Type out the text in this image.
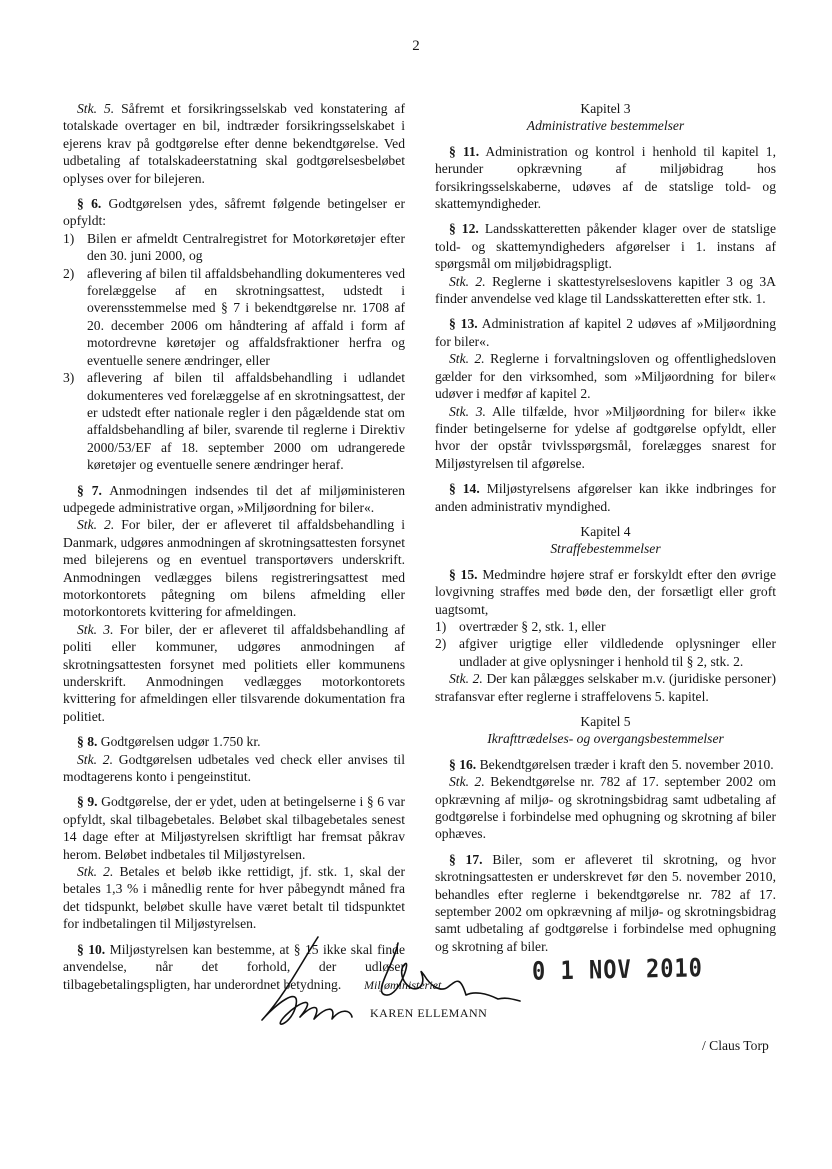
2

Stk. 5. Såfremt et forsikringsselskab ved konstatering af totalskade overtager en bil, indtræder forsikringsselskabet i ejerens krav på godtgørelse efter denne bekendtgørelse. Ved udbetaling af totalskadeerstatning skal godtgørelsesbeløbet oplyses over for bilejeren.

§ 6. Godtgørelsen ydes, såfremt følgende betingelser er opfyldt:

1) Bilen er afmeldt Centralregistret for Motorkøretøjer efter den 30. juni 2000, og
2) aflevering af bilen til affaldsbehandling dokumenteres ved forelæggelse af en skrotningsattest, udstedt i overensstemmelse med § 7 i bekendtgørelse nr. 1708 af 20. december 2006 om håndtering af affald i form af motordrevne køretøjer og affaldsfraktioner herfra og eventuelle senere ændringer, eller
3) aflevering af bilen til affaldsbehandling i udlandet dokumenteres ved forelæggelse af en skrotningsattest, der er udstedt efter nationale regler i den pågældende stat om affaldsbehandling af biler, svarende til reglerne i Direktiv 2000/53/EF af 18. september 2000 om udrangerede køretøjer og eventuelle senere ændringer heraf.

§ 7. Anmodningen indsendes til det af miljøministeren udpegede administrative organ, »Miljøordning for biler«.

Stk. 2. For biler, der er afleveret til affaldsbehandling i Danmark, udgøres anmodningen af skrotningsattesten forsynet med bilejerens og en eventuel transportøvers underskrift. Anmodningen vedlægges bilens registreringsattest med motorkontorets påtegning om bilens afmelding eller motorkontorets kvittering for afmeldingen.

Stk. 3. For biler, der er afleveret til affaldsbehandling af politi eller kommuner, udgøres anmodningen af skrotningsattesten forsynet med politiets eller kommunens underskrift. Anmodningen vedlægges motorkontorets kvittering for afmeldingen eller tilsvarende dokumentation fra politiet.

§ 8. Godtgørelsen udgør 1.750 kr.

Stk. 2. Godtgørelsen udbetales ved check eller anvises til modtagerens konto i pengeinstitut.

§ 9. Godtgørelse, der er ydet, uden at betingelserne i § 6 var opfyldt, skal tilbagebetales. Beløbet skal tilbagebetales senest 14 dage efter at Miljøstyrelsen skriftligt har fremsat påkrav herom. Beløbet indbetales til Miljøstyrelsen.

Stk. 2. Betales et beløb ikke rettidigt, jf. stk. 1, skal der betales 1,3 % i månedlig rente for hver påbegyndt måned fra det tidspunkt, beløbet skulle have været betalt til tidspunktet for indbetalingen til Miljøstyrelsen.

§ 10. Miljøstyrelsen kan bestemme, at § 15 ikke skal finde anvendelse, når det forhold, der udløser tilbagebetalingspligten, har underordnet betydning.

Kapitel 3

Administrative bestemmelser

§ 11. Administration og kontrol i henhold til kapitel 1, herunder opkrævning af miljøbidrag hos forsikringsselskaberne, udøves af de statslige told- og skattemyndigheder.

§ 12. Landsskatteretten påkender klager over de statslige told- og skattemyndigheders afgørelser i 1. instans af spørgsmål om miljøbidragspligt.

Stk. 2. Reglerne i skattestyrelseslovens kapitler 3 og 3A finder anvendelse ved klage til Landsskatteretten efter stk. 1.

§ 13. Administration af kapitel 2 udøves af »Miljøordning for biler«.

Stk. 2. Reglerne i forvaltningsloven og offentlighedsloven gælder for den virksomhed, som »Miljøordning for biler« udøver i medfør af kapitel 2.

Stk. 3. Alle tilfælde, hvor »Miljøordning for biler« ikke finder betingelserne for ydelse af godtgørelse opfyldt, eller hvor der opstår tvivlsspørgsmål, forelægges snarest for Miljøstyrelsen til afgørelse.

§ 14. Miljøstyrelsens afgørelser kan ikke indbringes for anden administrativ myndighed.

Kapitel 4

Straffebestemmelser

§ 15. Medmindre højere straf er forskyldt efter den øvrige lovgivning straffes med bøde den, der forsætligt eller groft uagtsomt,

1) overtræder § 2, stk. 1, eller
2) afgiver urigtige eller vildledende oplysninger eller undlader at give oplysninger i henhold til § 2, stk. 2.

Stk. 2. Der kan pålægges selskaber m.v. (juridiske personer) strafansvar efter reglerne i straffelovens 5. kapitel.

Kapitel 5

Ikrafttrædelses- og overgangsbestemmelser

§ 16. Bekendtgørelsen træder i kraft den 5. november 2010.

Stk. 2. Bekendtgørelse nr. 782 af 17. september 2002 om opkrævning af miljø- og skrotningsbidrag samt udbetaling af godtgørelse i forbindelse med ophugning og skrotning af biler ophæves.

§ 17. Biler, som er afleveret til skrotning, og hvor skrotningsattesten er underskrevet før den 5. november 2010, behandles efter reglerne i bekendtgørelse nr. 782 af 17. september 2002 om opkrævning af miljø- og skrotningsbidrag samt udbetaling af godtgørelse i forbindelse med ophugning og skrotning af biler.

Miljøministeriet
KAREN ELLEMANN
0 1 NOV 2010
/ Claus Torp
